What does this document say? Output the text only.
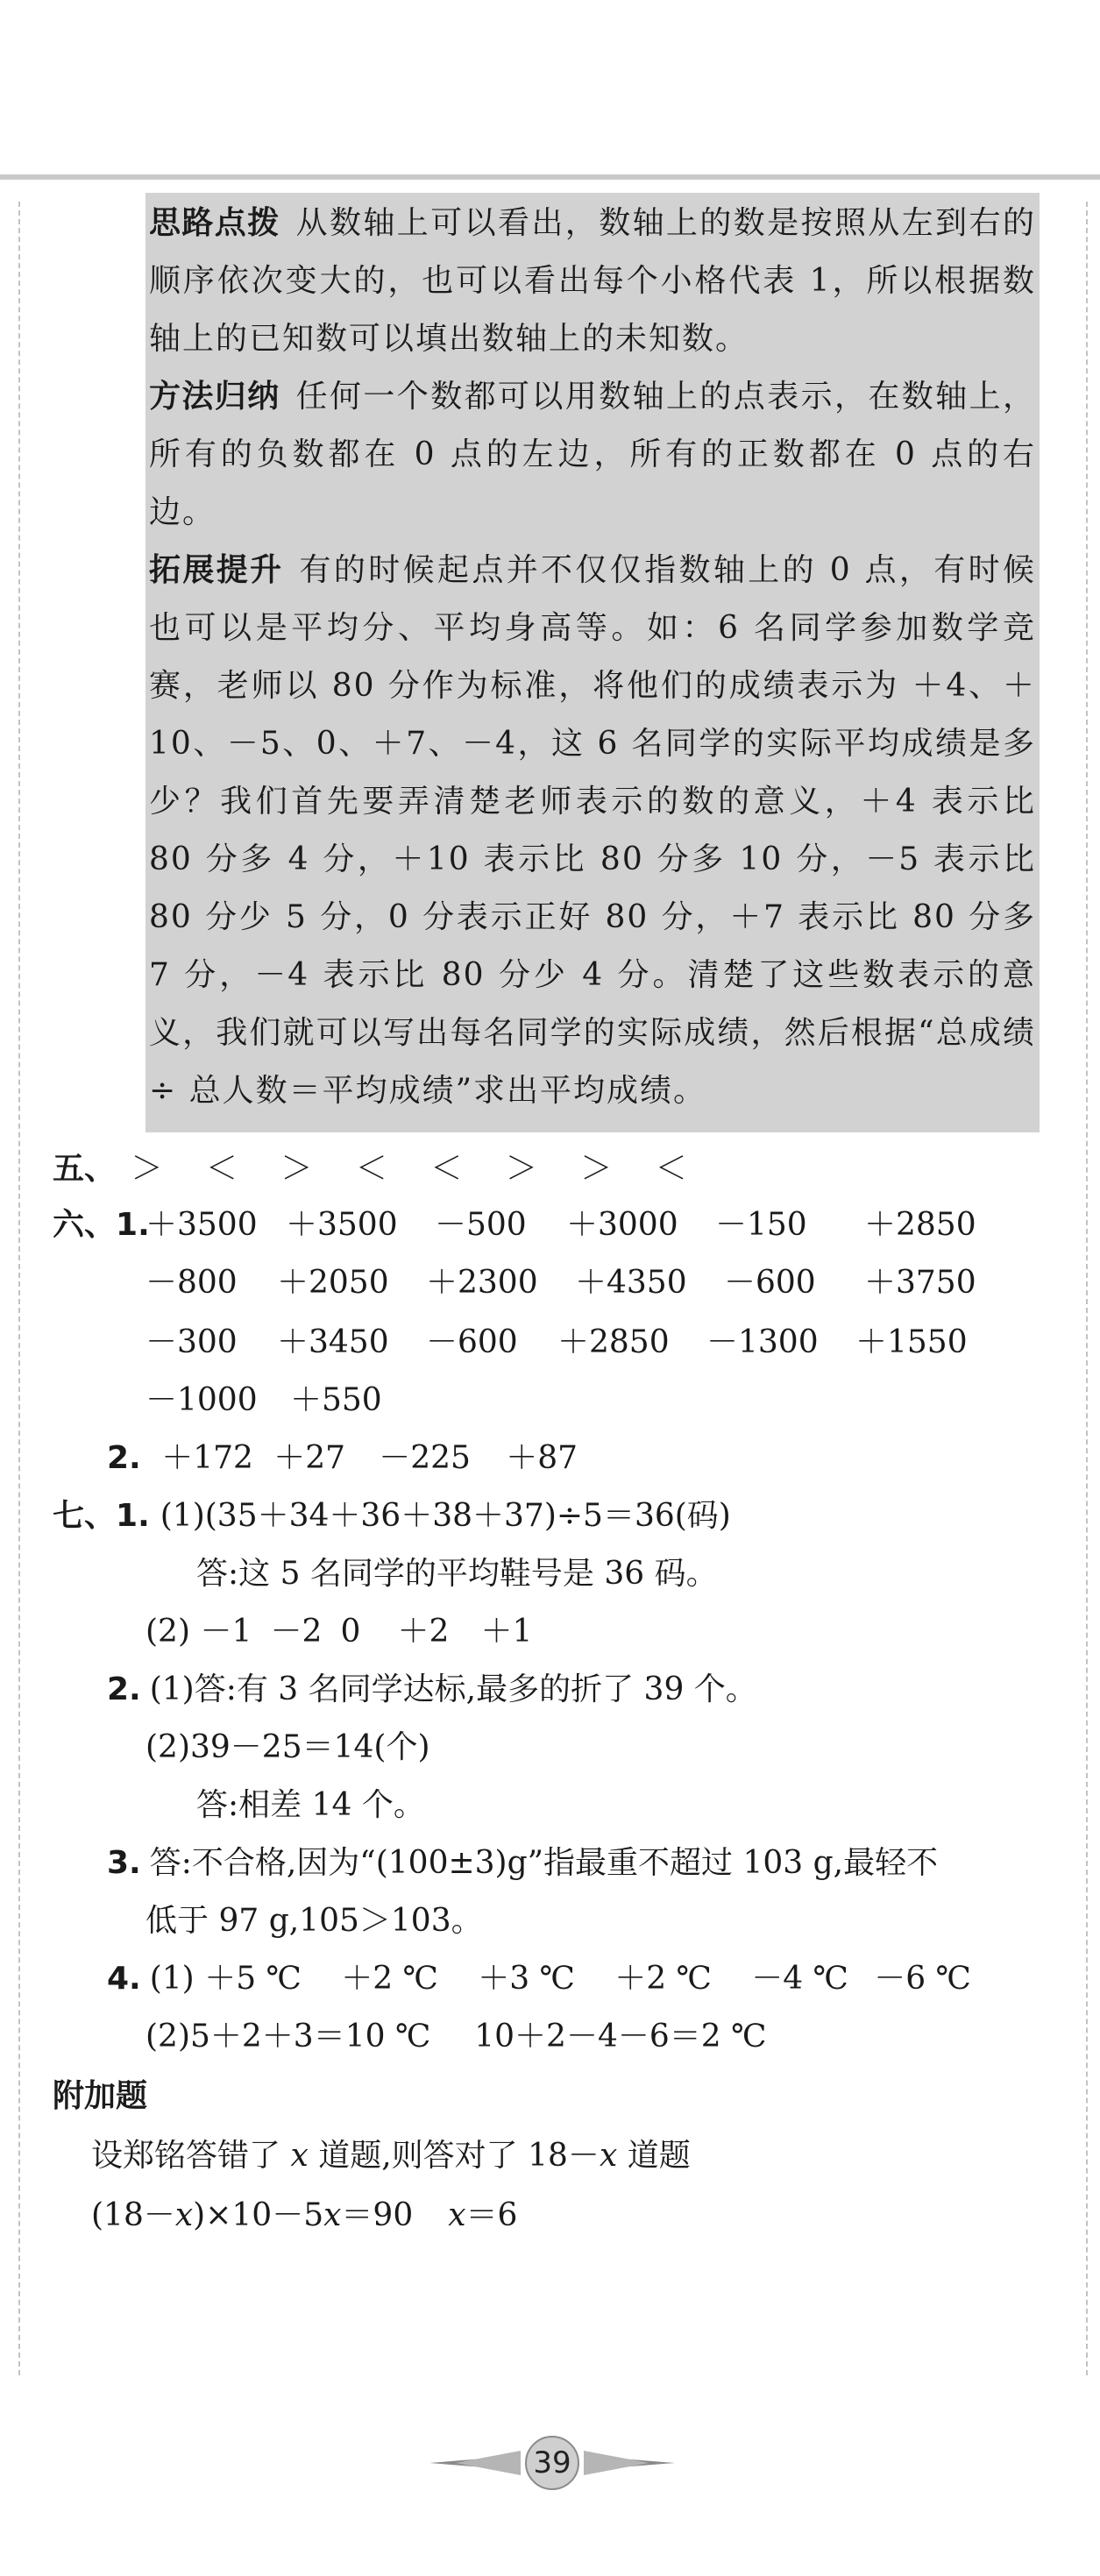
思路点拨 从数轴上可以看出，数轴上的数是按照从左到右的顺序依次变大的，也可以看出每个小格代表 1，所以根据数轴上的已知数可以填出数轴上的未知数。

方法归纳 任何一个数都可以用数轴上的点表示，在数轴上，所有的负数都在 0 点的左边，所有的正数都在 0 点的右边。

拓展提升 有的时候起点并不仅仅指数轴上的 0 点，有时候也可以是平均分、平均身高等。如：6 名同学参加数学竞赛，老师以 80 分作为标准，将他们的成绩表示为 ＋4、＋10、－5、0、＋7、－4，这 6 名同学的实际平均成绩是多少？我们首先要弄清楚老师表示的数的意义，＋4 表示比 80 分多 4 分，＋10 表示比 80 分多 10 分，－5 表示比 80 分少 5 分，0 分表示正好 80 分，＋7 表示比 80 分多 7 分，－4 表示比 80 分少 4 分。清楚了这些数表示的意义，我们就可以写出每名同学的实际成绩，然后根据“总成绩 ÷ 总人数＝平均成绩”求出平均成绩。

五、 ＞ ＜ ＞ ＜ ＜ ＞ ＞ ＜
六、1.
＋3500 ＋3500 －500 ＋3000 －150 ＋2850
－800 ＋2050 ＋2300 ＋4350 －600 ＋3750
－300 ＋3450 －600 ＋2850 －1300 ＋1550
－1000 ＋550
2. ＋172 ＋27 －225 ＋87
七、1. (1)(35＋34＋36＋38＋37)÷5＝36(码)
答:这 5 名同学的平均鞋号是 36 码。
(2) －1 －2 0 ＋2 ＋1
2. (1)答:有 3 名同学达标,最多的折了 39 个。
(2)39－25＝14(个)
答:相差 14 个。
3. 答:不合格,因为“(100±3)g”指最重不超过 103 g,最轻不
低于 97 g,105＞103。
4. (1) ＋5 ℃ ＋2 ℃ ＋3 ℃ ＋2 ℃ －4 ℃ －6 ℃
(2)5＋2＋3＝10 ℃ 10＋2－4－6＝2 ℃
附加题
设郑铭答错了 x 道题,则答对了 18－x 道题
(18－x)×10－5x＝90 x＝6
39
